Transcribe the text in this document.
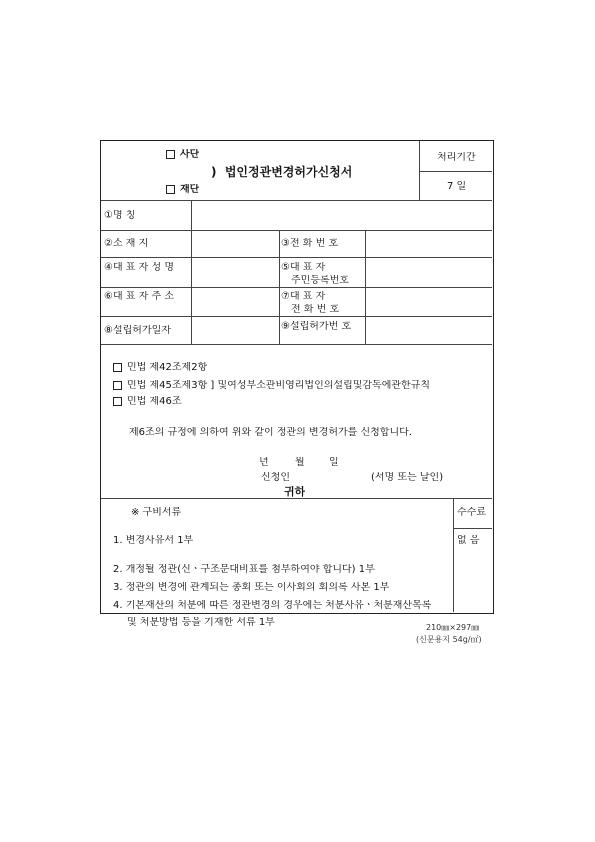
사단
) 법인정관변경허가신청서
재단
처리기간
7 일
①명 칭
②소 재 지	③전 화 번 호
④대 표 자 성 명	⑤대 표 자
주민등록번호
⑥대 표 자 주 소	⑦대 표 자
전 화 번 호
⑧설립허가일자	⑨설립허가번 호
민법 제42조제2항
민법 제45조제3항 ] 및여성부소관비영리법인의설립및감독에관한규칙
민법 제46조
제6조의 규정에 의하여 위와 같이 정관의 변경허가를 신청합니다.
년	월 일
신청인	(서명 또는 날인)
귀하
※ 구비서류	수수료
없 음
1. 변경사유서 1부
2. 개정될 정관(신ㆍ구조문대비표를 첨부하여야 합니다) 1부
3. 정관의 변경에 관계되는 총회 또는 이사회의 회의록 사본 1부
4. 기본재산의 처분에 따른 정관변경의 경우에는 처분사유ㆍ처분재산목록
및 처분방법 등을 기재한 서류 1부	210㎜×297㎜
(신문용지 54g/㎡)
